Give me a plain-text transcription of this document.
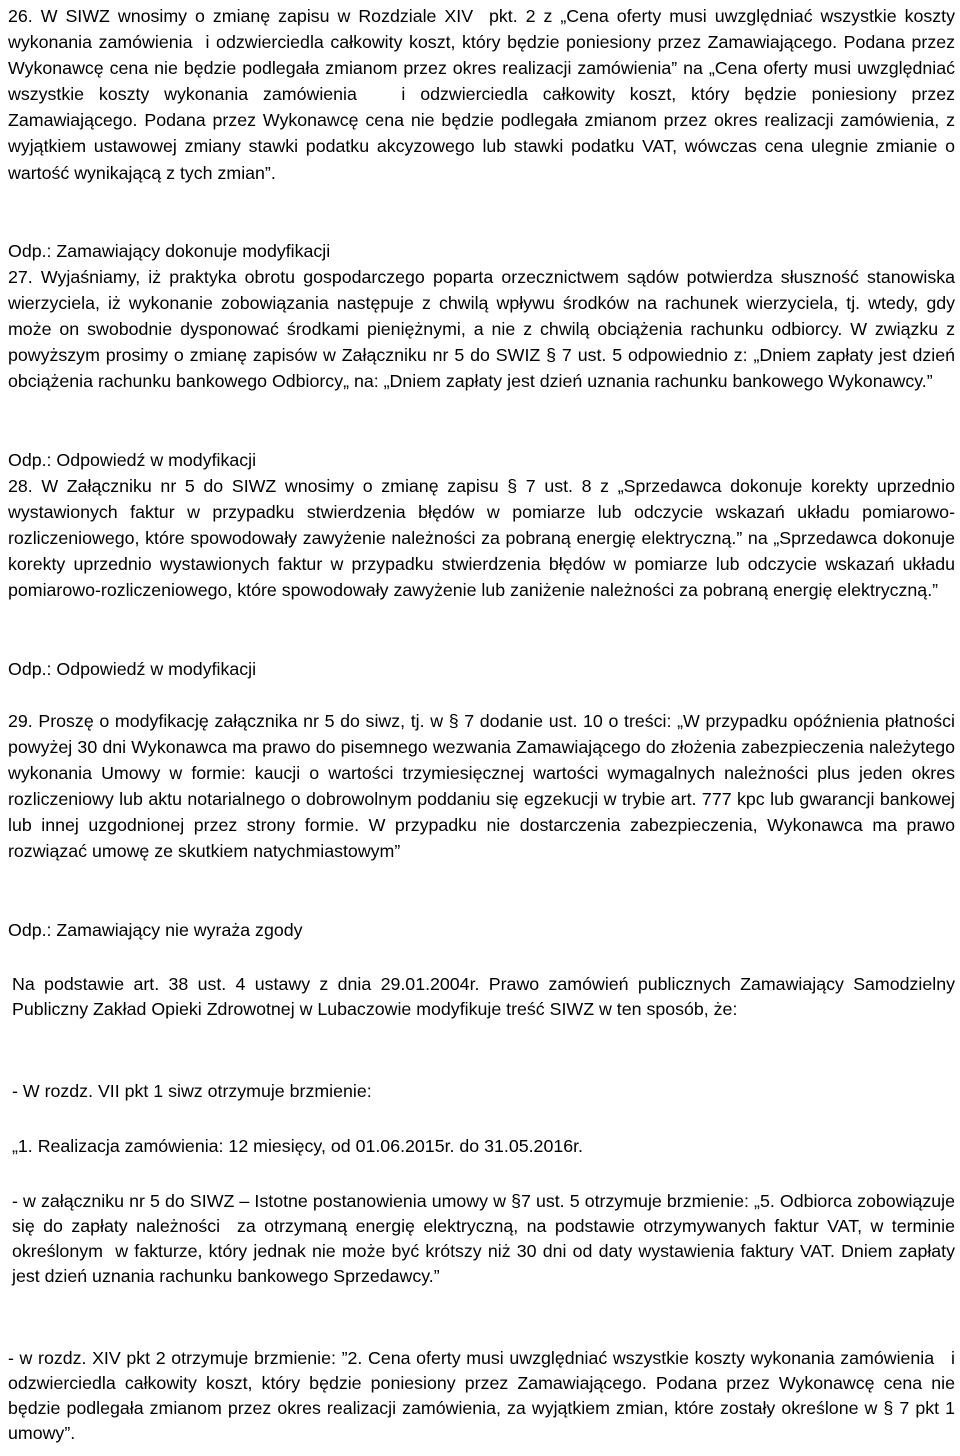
26. W SIWZ wnosimy o zmianę zapisu w Rozdziale XIV  pkt. 2 z „Cena oferty musi uwzględniać wszystkie koszty wykonania zamówienia  i odzwierciedla całkowity koszt, który będzie poniesiony przez Zamawiającego. Podana przez Wykonawcę cena nie będzie podlegała zmianom przez okres realizacji zamówienia” na „Cena oferty musi uwzględniać wszystkie koszty wykonania zamówienia   i odzwierciedla całkowity koszt, który będzie poniesiony przez Zamawiającego. Podana przez Wykonawcę cena nie będzie podlegała zmianom przez okres realizacji zamówienia, z wyjątkiem ustawowej zmiany stawki podatku akcyzowego lub stawki podatku VAT, wówczas cena ulegnie zmianie o wartość wynikającą z tych zmian”.

Odp.: Zamawiający dokonuje modyfikacji

27. Wyjaśniamy, iż praktyka obrotu gospodarczego poparta orzecznictwem sądów potwierdza słuszność stanowiska wierzyciela, iż wykonanie zobowiązania następuje z chwilą wpływu środków na rachunek wierzyciela, tj. wtedy, gdy może on swobodnie dysponować środkami pieniężnymi, a nie z chwilą obciążenia rachunku odbiorcy. W związku z powyższym prosimy o zmianę zapisów w Załączniku nr 5 do SWIZ § 7 ust. 5 odpowiednio z: „Dniem zapłaty jest dzień obciążenia rachunku bankowego Odbiorcy„ na: „Dniem zapłaty jest dzień uznania rachunku bankowego Wykonawcy.”

Odp.: Odpowiedź w modyfikacji

28. W Załączniku nr 5 do SIWZ wnosimy o zmianę zapisu § 7 ust. 8 z „Sprzedawca dokonuje korekty uprzednio wystawionych faktur w przypadku stwierdzenia błędów w pomiarze lub odczycie wskazań układu pomiarowo-rozliczeniowego, które spowodowały zawyżenie należności za pobraną energię elektryczną.” na „Sprzedawca dokonuje korekty uprzednio wystawionych faktur w przypadku stwierdzenia błędów w pomiarze lub odczycie wskazań układu pomiarowo-rozliczeniowego, które spowodowały zawyżenie lub zaniżenie należności za pobraną energię elektryczną.”

Odp.: Odpowiedź w modyfikacji

29. Proszę o modyfikację załącznika nr 5 do siwz, tj. w § 7 dodanie ust. 10 o treści: „W przypadku opóźnienia płatności powyżej 30 dni Wykonawca ma prawo do pisemnego wezwania Zamawiającego do złożenia zabezpieczenia należytego wykonania Umowy w formie: kaucji o wartości trzymiesięcznej wartości wymagalnych należności plus jeden okres rozliczeniowy lub aktu notarialnego o dobrowolnym poddaniu się egzekucji w trybie art. 777 kpc lub gwarancji bankowej lub innej uzgodnionej przez strony formie. W przypadku nie dostarczenia zabezpieczenia, Wykonawca ma prawo rozwiązać umowę ze skutkiem natychmiastowym”

Odp.: Zamawiający nie wyraża zgody

Na podstawie art. 38 ust. 4 ustawy z dnia 29.01.2004r. Prawo zamówień publicznych Zamawiający Samodzielny Publiczny Zakład Opieki Zdrowotnej w Lubaczowie modyfikuje treść SIWZ w ten sposób, że:

- W rozdz. VII pkt 1 siwz otrzymuje brzmienie:

„1. Realizacja zamówienia: 12 miesięcy, od 01.06.2015r. do 31.05.2016r.

- w załączniku nr 5 do SIWZ – Istotne postanowienia umowy w §7 ust. 5 otrzymuje brzmienie: „5. Odbiorca zobowiązuje się do zapłaty należności  za otrzymaną energię elektryczną, na podstawie otrzymywanych faktur VAT, w terminie określonym  w fakturze, który jednak nie może być krótszy niż 30 dni od daty wystawienia faktury VAT. Dniem zapłaty jest dzień uznania rachunku bankowego Sprzedawcy.”

- w rozdz. XIV pkt 2 otrzymuje brzmienie: ”2. Cena oferty musi uwzględniać wszystkie koszty wykonania zamówienia   i odzwierciedla całkowity koszt, który będzie poniesiony przez Zamawiającego. Podana przez Wykonawcę cena nie będzie podlegała zmianom przez okres realizacji zamówienia, za wyjątkiem zmian, które zostały określone w § 7 pkt 1 umowy”.
